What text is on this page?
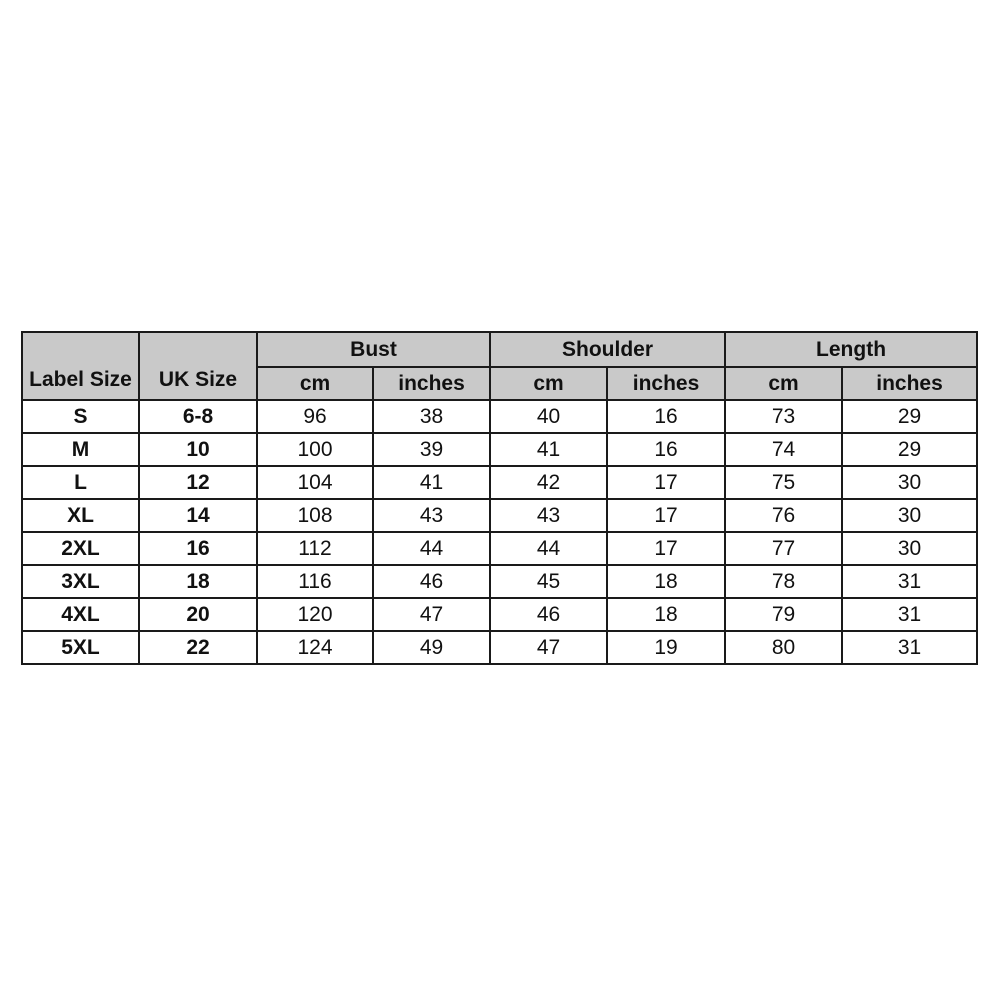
Label Size	UK Size	Bust		Shoulder		Length	
		cm	inches	cm	inches	cm	inches
S	6-8	96	38	40	16	73	29
M	10	100	39	41	16	74	29
L	12	104	41	42	17	75	30
XL	14	108	43	43	17	76	30
2XL	16	112	44	44	17	77	30
3XL	18	116	46	45	18	78	31
4XL	20	120	47	46	18	79	31
5XL	22	124	49	47	19	80	31
